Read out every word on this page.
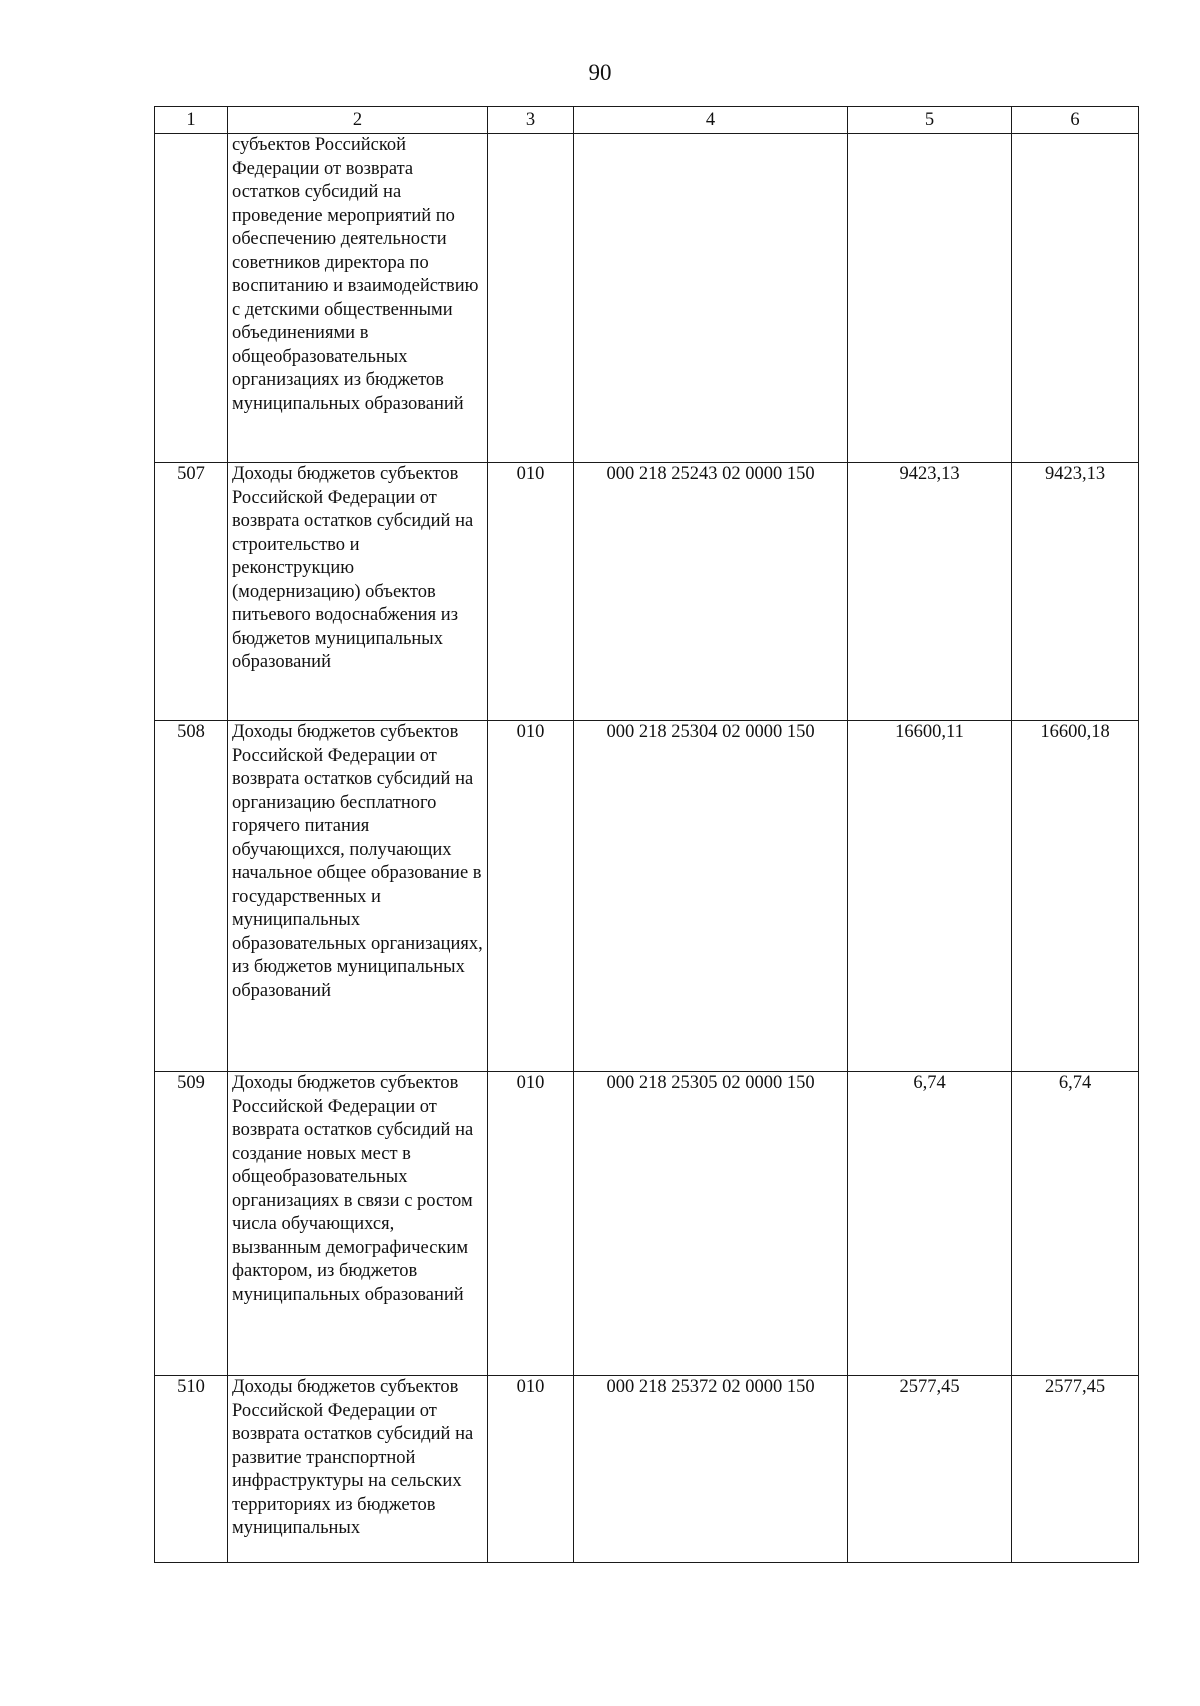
90
1	2	3	4	5	6
	субъектов Российской Федерации от возврата остатков субсидий на проведение мероприятий по обеспечению деятельности советников директора по воспитанию и взаимодействию с детскими общественными объединениями в общеобразовательных организациях из бюджетов муниципальных образований				
507	Доходы бюджетов субъектов Российской Федерации от возврата остатков субсидий на строительство и реконструкцию (модернизацию) объектов питьевого водоснабжения из бюджетов муниципальных образований	010	000 218 25243 02 0000 150	9423,13	9423,13
508	Доходы бюджетов субъектов Российской Федерации от возврата остатков субсидий на организацию бесплатного горячего питания обучающихся, получающих начальное общее образование в государственных и муниципальных образовательных организациях, из бюджетов муниципальных образований	010	000 218 25304 02 0000 150	16600,11	16600,18
509	Доходы бюджетов субъектов Российской Федерации от возврата остатков субсидий на создание новых мест в общеобразовательных организациях в связи с ростом числа обучающихся, вызванным демографическим фактором, из бюджетов муниципальных образований	010	000 218 25305 02 0000 150	6,74	6,74
510	Доходы бюджетов субъектов Российской Федерации от возврата остатков субсидий на развитие транспортной инфраструктуры на сельских территориях из бюджетов муниципальных	010	000 218 25372 02 0000 150	2577,45	2577,45
